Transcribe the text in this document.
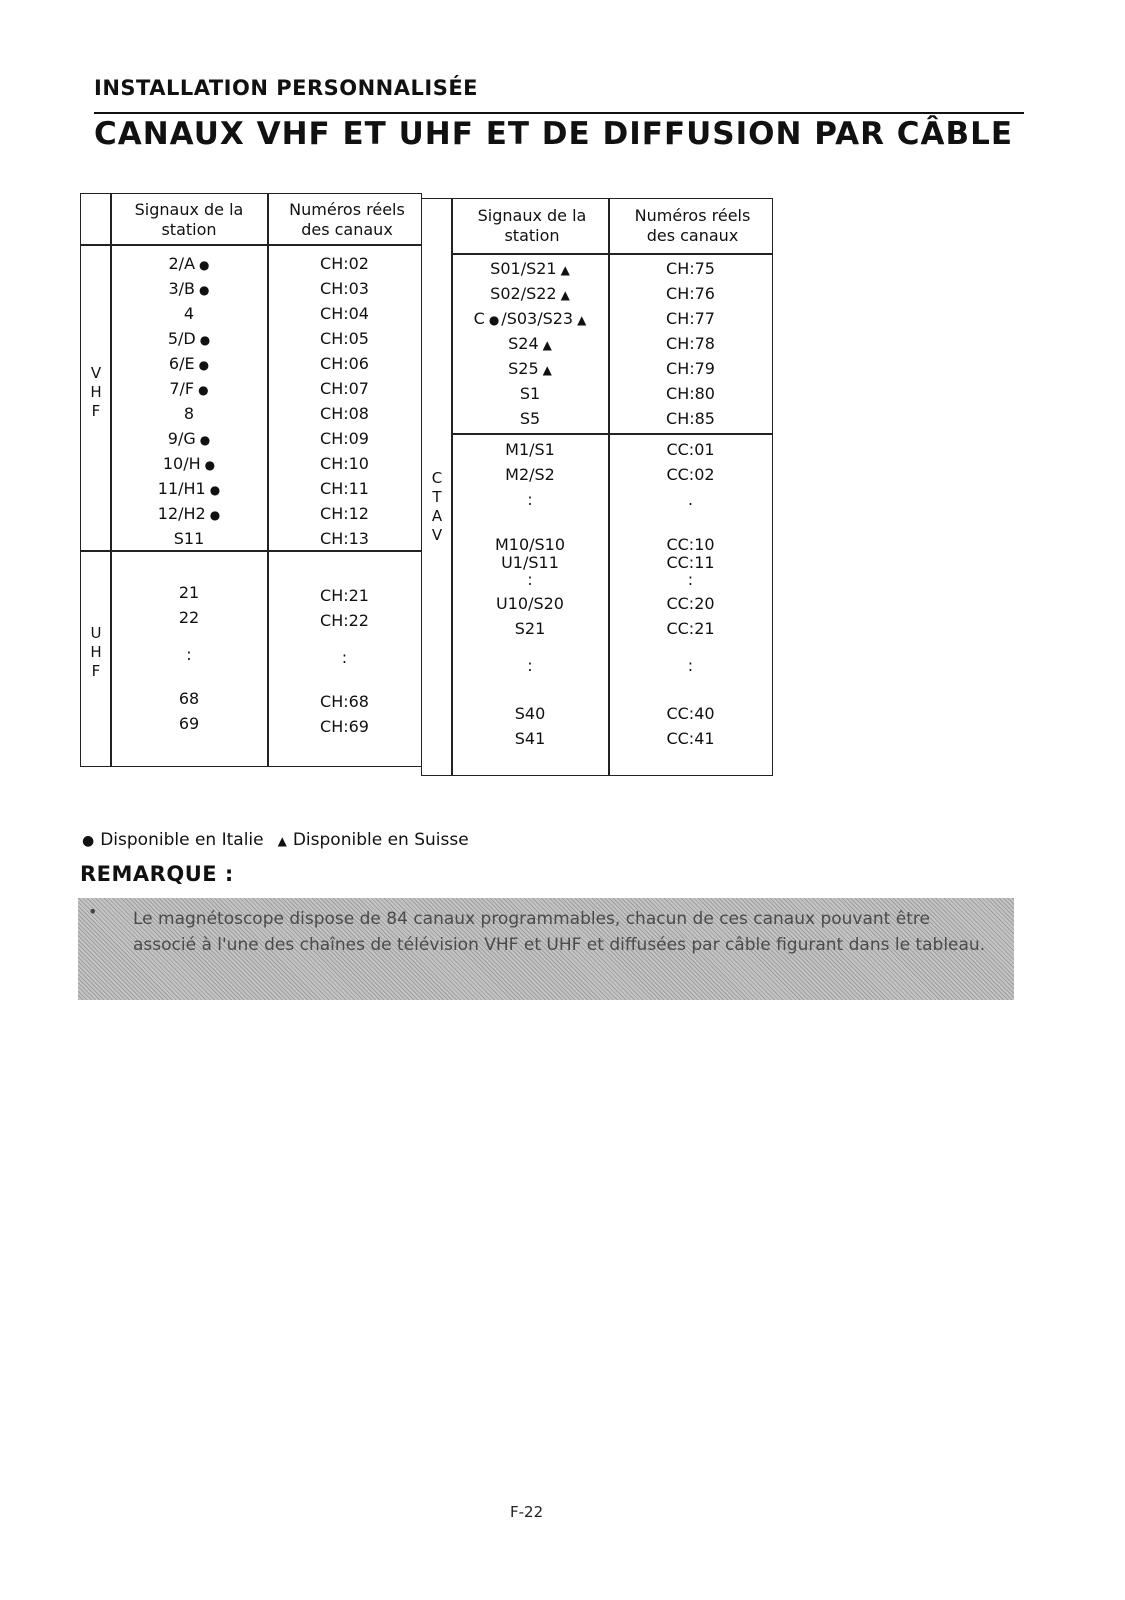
INSTALLATION PERSONNALISÉE
CANAUX VHF ET UHF ET DE DIFFUSION PAR CÂBLE
Signaux de la station
Numéros réels des canaux
V
H
F
U
H
F
2/A ●
3/B ●
4
5/D ●
6/E ●
7/F ●
8
9/G ●
10/H ●
11/H1 ●
12/H2 ●
S11
CH:02
CH:03
CH:04
CH:05
CH:06
CH:07
CH:08
CH:09
CH:10
CH:11
CH:12
CH:13
21
22
:
68
69
CH:21
CH:22
:
CH:68
CH:69
Signaux de la station
Numéros réels des canaux
C
T
A
V
S01/S21 ▲
S02/S22 ▲
C ● /S03/S23 ▲
S24 ▲
S25 ▲
S1
S5
CH:75
CH:76
CH:77
CH:78
CH:79
CH:80
CH:85
M1/S1
M2/S2
:
M10/S10
U1/S11
:
U10/S20
S21
:
S40
S41
CC:01
CC:02
.
CC:10
CC:11
:
CC:20
CC:21
:
CC:40
CC:41
● Disponible en Italie ▲ Disponible en Suisse
REMARQUE :
• Le magnétoscope dispose de 84 canaux programmables, chacun de ces canaux pouvant être associé à l'une des chaînes de télévision VHF et UHF et diffusées par câble figurant dans le tableau.
F-22
